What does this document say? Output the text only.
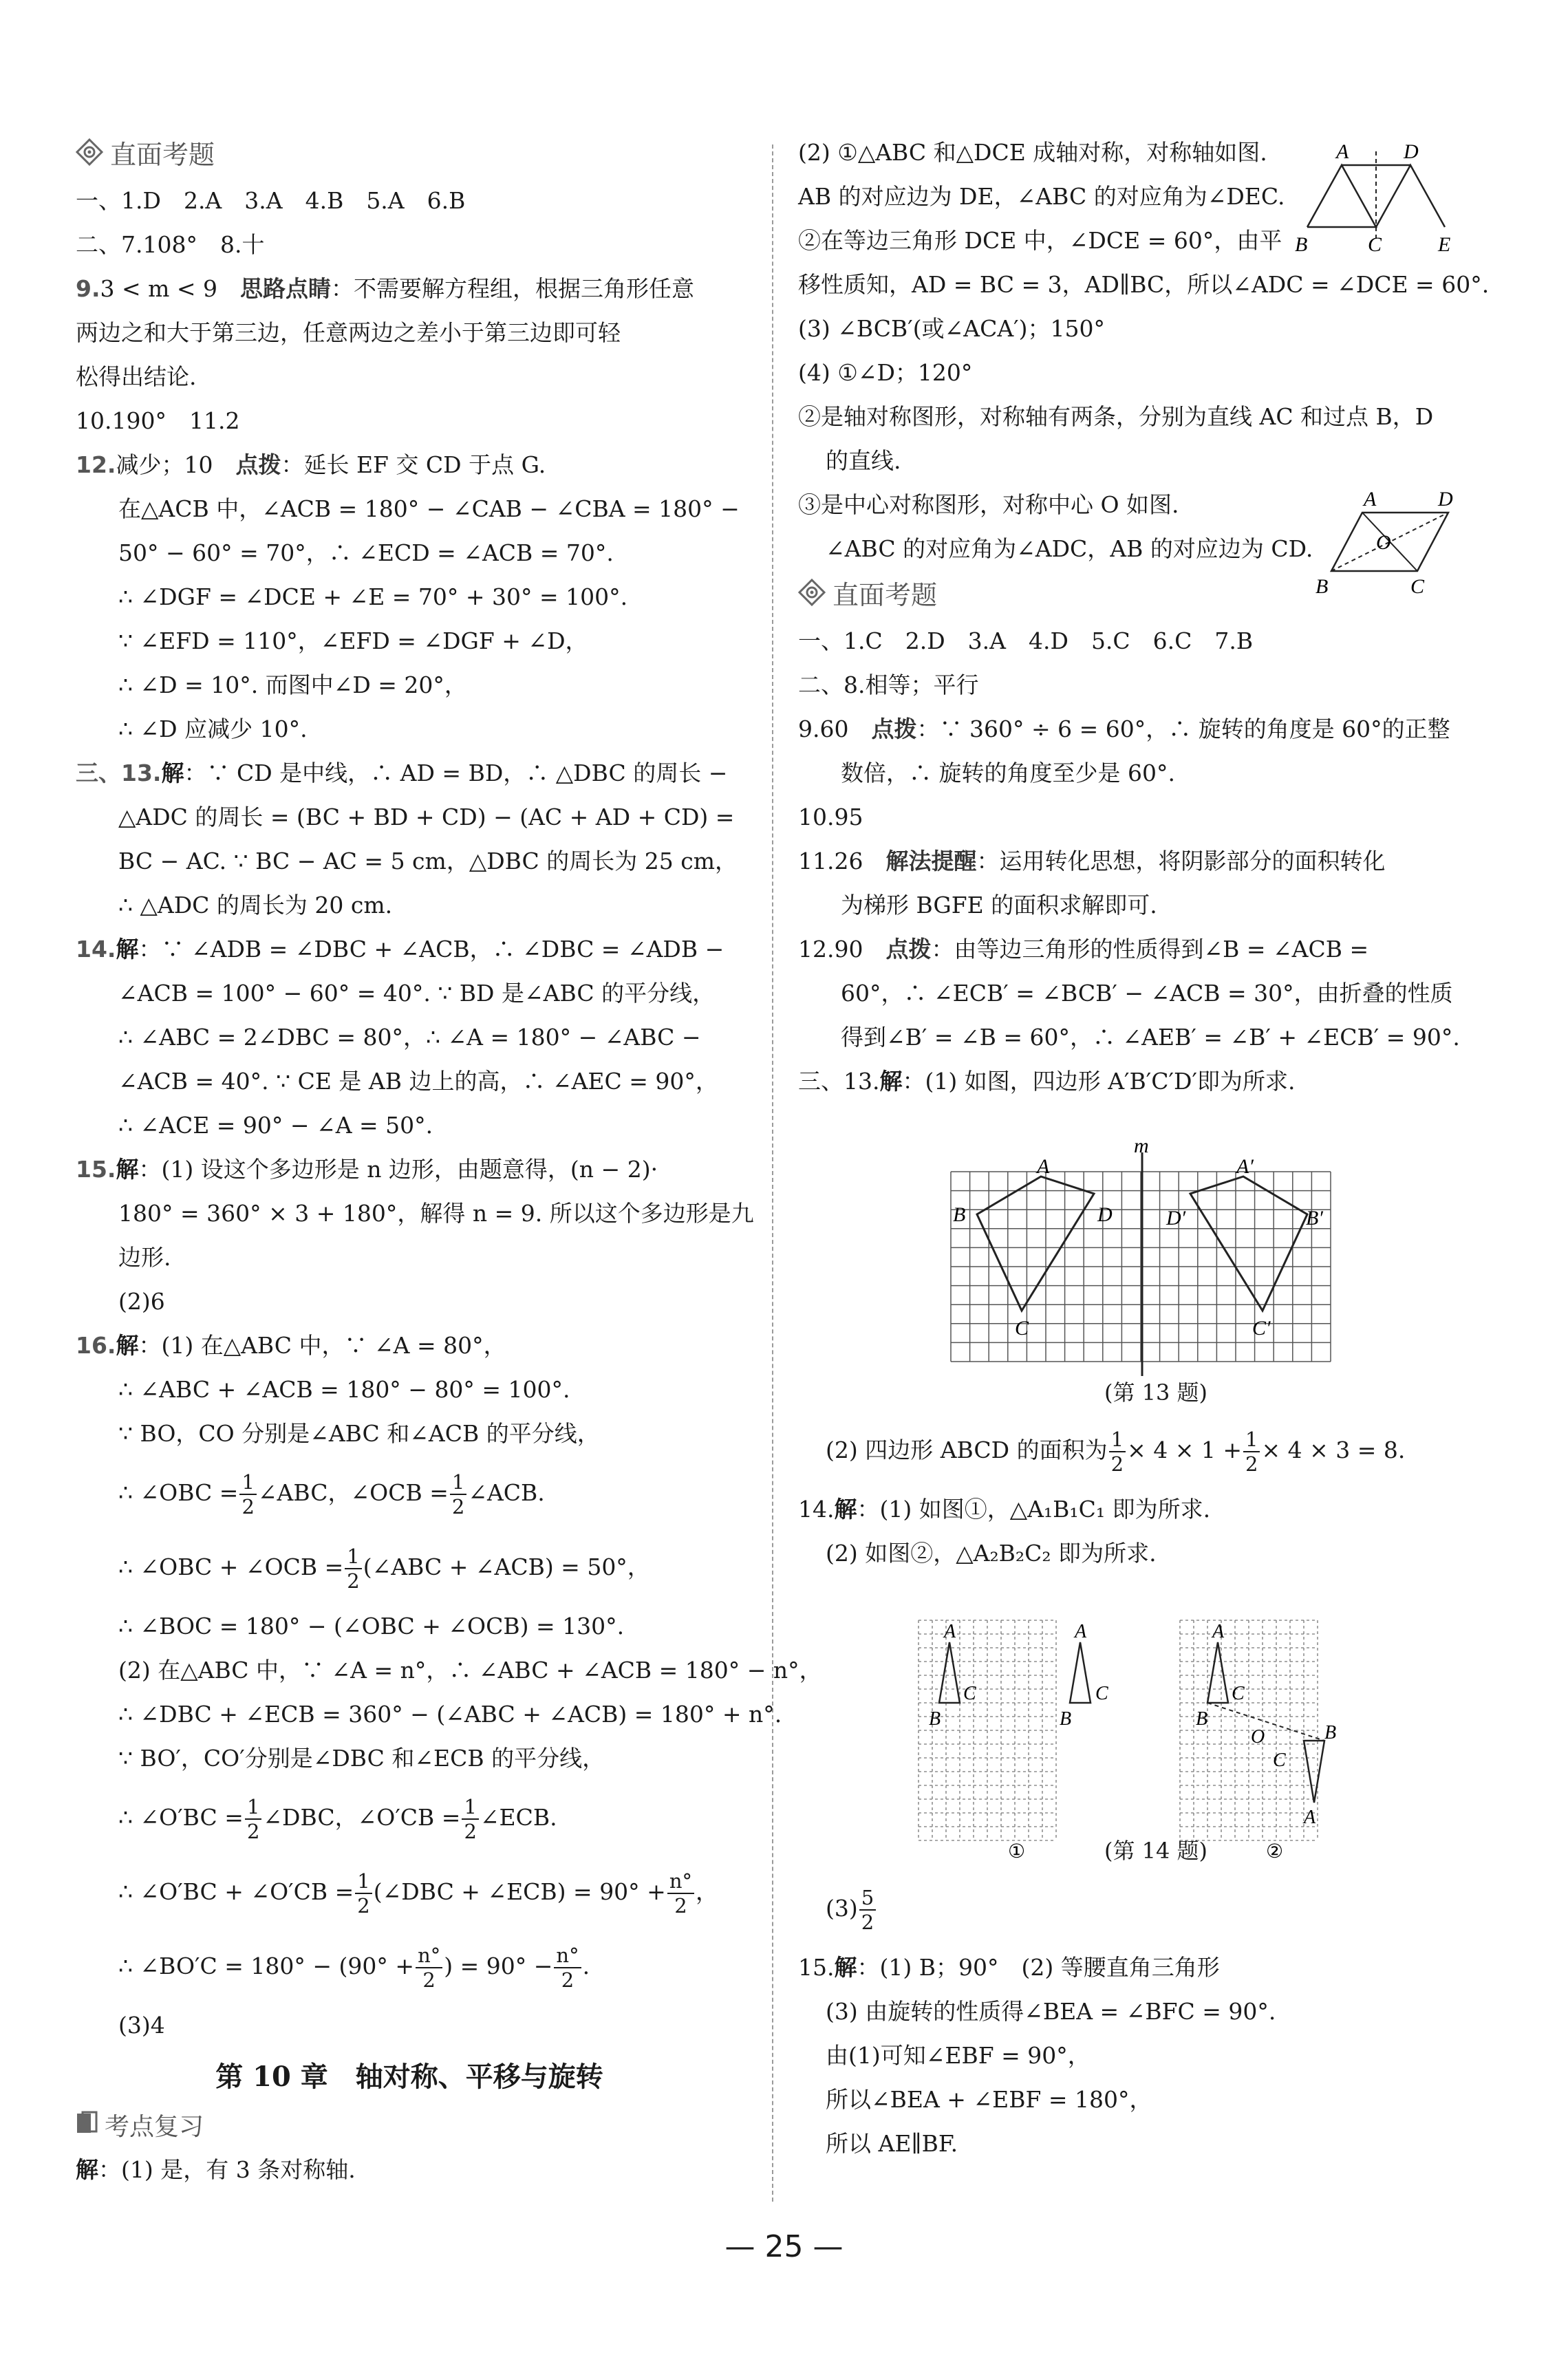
直面考题
一、1.D　2.A　3.A　4.B　5.A　6.B
二、7.108°　8.十
9.3 < m < 9　 思路点睛：不需要解方程组，根据三角形任意
两边之和大于第三边，任意两边之差小于第三边即可轻
松得出结论.
10.190°　11.2
12.减少；10　点拨：延长 EF 交 CD 于点 G.
在△ACB 中，∠ACB = 180° − ∠CAB − ∠CBA = 180° −
50° − 60° = 70°，∴ ∠ECD = ∠ACB = 70°.
∴ ∠DGF = ∠DCE + ∠E = 70° + 30° = 100°.
∵ ∠EFD = 110°，∠EFD = ∠DGF + ∠D，
∴ ∠D = 10°. 而图中∠D = 20°，
∴ ∠D 应减少 10°.
三、13.解：∵ CD 是中线，∴ AD = BD，∴ △DBC 的周长 −
△ADC 的周长 = (BC + BD + CD) − (AC + AD + CD) =
BC − AC. ∵ BC − AC = 5 cm，△DBC 的周长为 25 cm，
∴ △ADC 的周长为 20 cm.
14.解：∵ ∠ADB = ∠DBC + ∠ACB，∴ ∠DBC = ∠ADB −
∠ACB = 100° − 60° = 40°. ∵ BD 是∠ABC 的平分线，
∴ ∠ABC = 2∠DBC = 80°，∴ ∠A = 180° − ∠ABC −
∠ACB = 40°. ∵ CE 是 AB 边上的高，∴ ∠AEC = 90°，
∴ ∠ACE = 90° − ∠A = 50°.
15.解：(1) 设这个多边形是 n 边形，由题意得，(n − 2)·
180° = 360° × 3 + 180°，解得 n = 9. 所以这个多边形是九
边形.
(2)6
16.解：(1) 在△ABC 中，∵ ∠A = 80°，
∴ ∠ABC + ∠ACB = 180° − 80° = 100°.
∵ BO，CO 分别是∠ABC 和∠ACB 的平分线，
∴ ∠OBC = $\frac{1}{2}$ ∠ABC，∠OCB = $\frac{1}{2}$ ∠ACB.
∴ ∠OBC + ∠OCB = $\frac{1}{2}$ (∠ABC + ∠ACB) = 50°，
∴ ∠BOC = 180° − (∠OBC + ∠OCB) = 130°.
(2) 在△ABC 中，∵ ∠A = n°，∴ ∠ABC + ∠ACB = 180° − n°，
∴ ∠DBC + ∠ECB = 360° − (∠ABC + ∠ACB) = 180° + n°.
∵ BO′，CO′分别是∠DBC 和∠ECB 的平分线，
∴ ∠O′BC = $\frac{1}{2}$ ∠DBC，∠O′CB = $\frac{1}{2}$ ∠ECB.
∴ ∠O′BC + ∠O′CB = $\frac{1}{2}$ (∠DBC + ∠ECB) = $90^\circ + \frac{n^\circ}{2}$ ，
∴ ∠BO′C = $180^\circ - (90^\circ + \frac{n^\circ}{2}$ ) = $90^\circ - \frac{n^\circ}{2}$ .
(3)4
第 10 章　轴对称、平移与旋转
考点复习
解：(1) 是，有 3 条对称轴.
(2) ①△ABC 和△DCE 成轴对称，对称轴如图.
AB 的对应边为 DE，∠ABC 的对应角为∠DEC.
②在等边三角形 DCE 中，∠DCE = 60°，由平
移性质知，AD = BC = 3，AD∥BC，所以∠ADC = ∠DCE = 60°.
(3) ∠BCB′(或∠ACA′)；150°
(4) ①∠D；120°
②是轴对称图形，对称轴有两条，分别为直线 AC 和过点 B，D
的直线.
③是中心对称图形，对称中心 O 如图.
∠ABC 的对应角为∠ADC，AB 的对应边为 CD.
直面考题
一、1.C　2.D　3.A　4.D　5.C　6.C　7.B
二、8.相等；平行
9.60　点拨：∵ 360° ÷ 6 = 60°，∴ 旋转的角度是 60°的正整
数倍，∴ 旋转的角度至少是 60°.
10.95
11.26　解法提醒：运用转化思想，将阴影部分的面积转化
为梯形 BGFE 的面积求解即可.
12.90　点拨：由等边三角形的性质得到∠B = ∠ACB =
60°，∴ ∠ECB′ = ∠BCB′ − ∠ACB = 30°，由折叠的性质
得到∠B′ = ∠B = 60°，∴ ∠AEB′ = ∠B′ + ∠ECB′ = 90°.
三、13.解：(1) 如图，四边形 A′B′C′D′即为所求.
(第 13 题)
(2) 四边形 ABCD 的面积为 $\frac{1}{2} \times 4 \times 1 + \frac{1}{2} \times 4 \times 3 = 8$.
14.解：(1) 如图①，△A₁B₁C₁ 即为所求.
(2) 如图②，△A₂B₂C₂ 即为所求.
(第 14 题)
$(3) \frac{5}{2}$
15.解：(1) B；90°　(2) 等腰直角三角形
(3) 由旋转的性质得∠BEA = ∠BFC = 90°.
由(1)可知∠EBF = 90°，
所以∠BEA + ∠EBF = 180°，
所以 AE∥BF.
A	D
B	C	E
A	D
B	C
O
m
A
B	D
C
A′
D′	B′
C′
A
B
C
A
B
C
A
B
C
O	B
C
A
①	②
— 25 —
